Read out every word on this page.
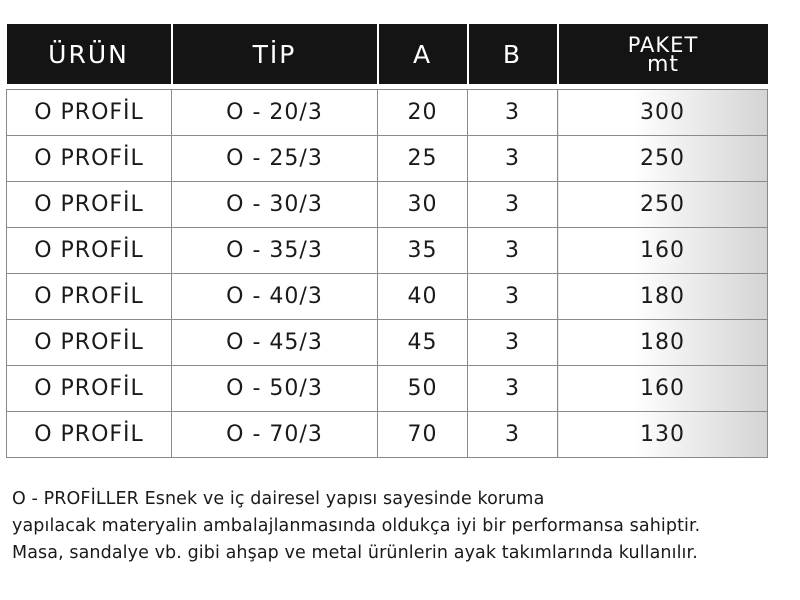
ÜRÜN	TİP	A	B	PAKET
mt

O PROFİL	O - 20/3	20	3	300
O PROFİL	O - 25/3	25	3	250
O PROFİL	O - 30/3	30	3	250
O PROFİL	O - 35/3	35	3	160
O PROFİL	O - 40/3	40	3	180
O PROFİL	O - 45/3	45	3	180
O PROFİL	O - 50/3	50	3	160
O PROFİL	O - 70/3	70	3	130

O - PROFİLLER Esnek ve iç dairesel yapısı sayesinde koruma

yapılacak materyalin ambalajlanmasında oldukça iyi bir performansa sahiptir.

Masa, sandalye vb. gibi ahşap ve metal ürünlerin ayak takımlarında kullanılır.
